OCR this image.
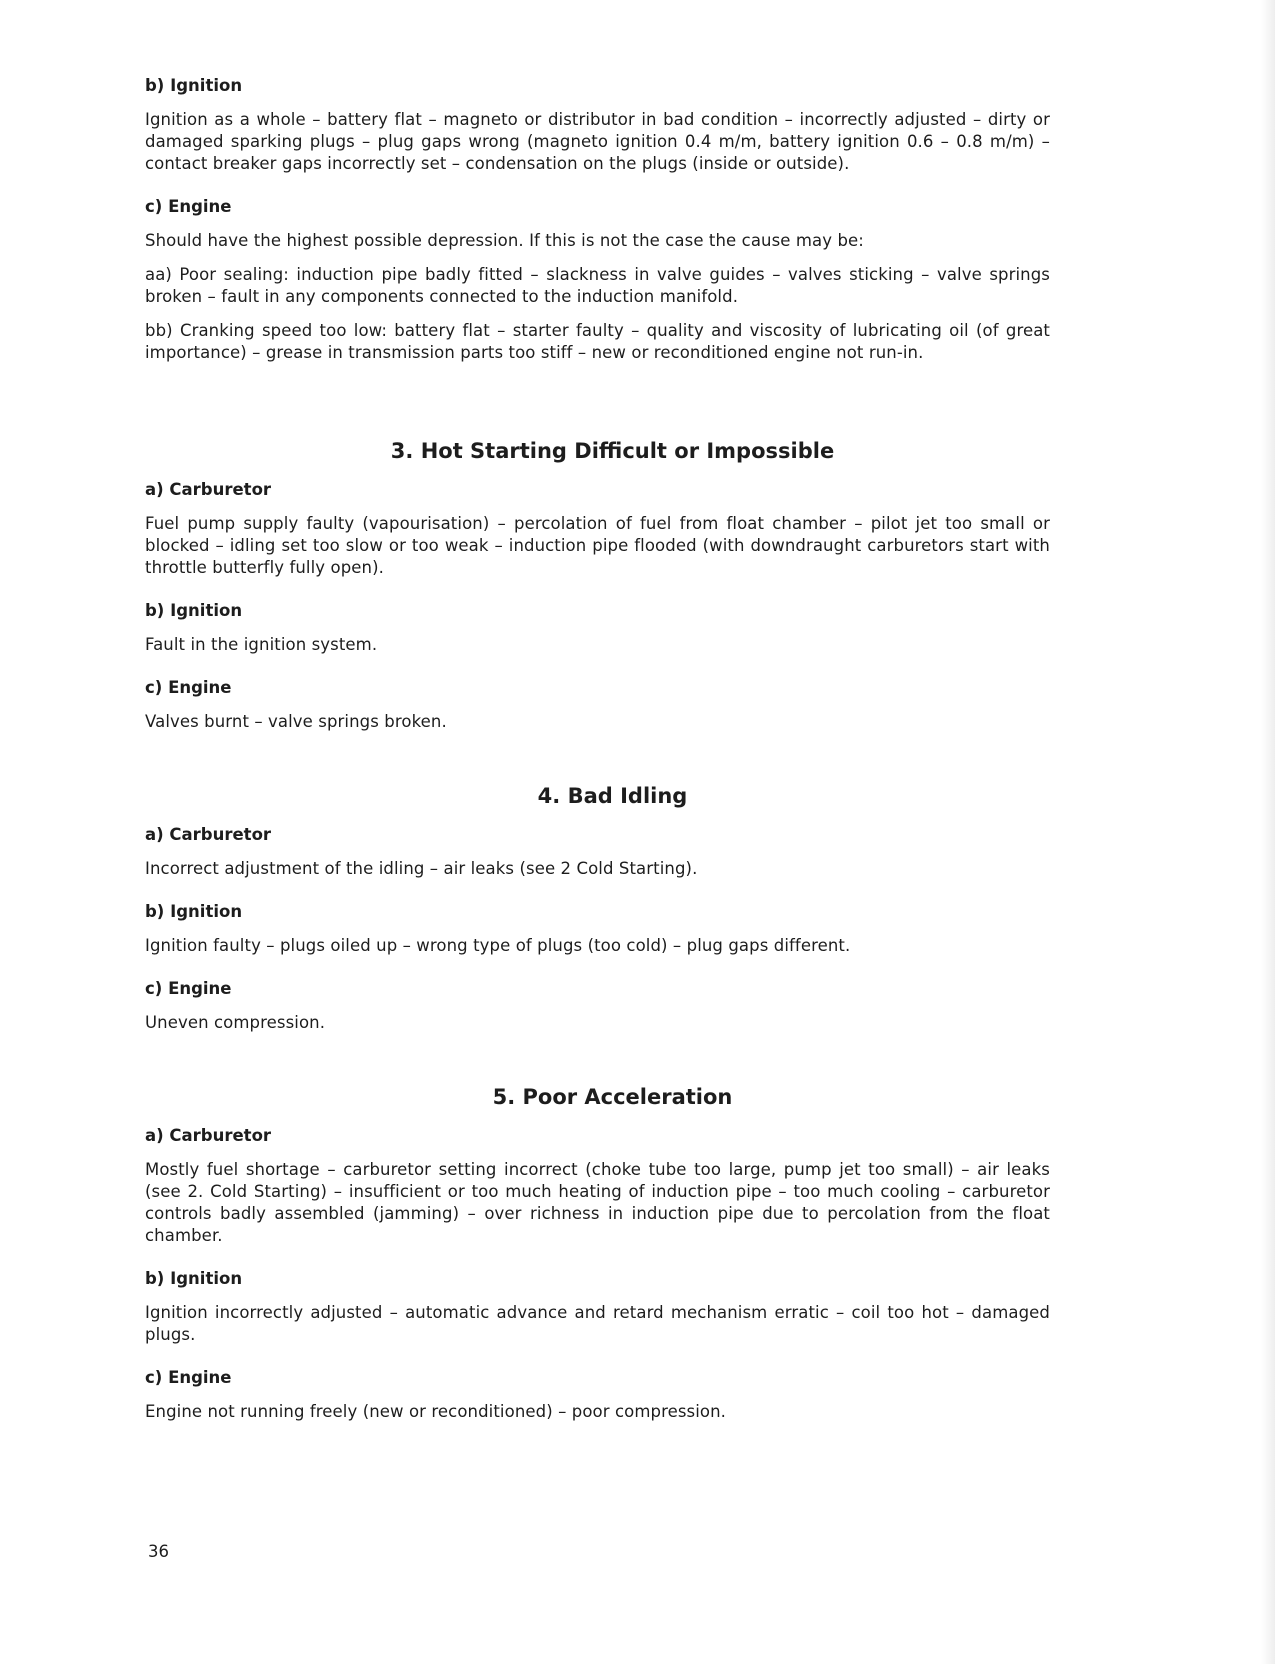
b) Ignition

Ignition as a whole – battery flat – magneto or distributor in bad condition – incorrectly adjusted – dirty or damaged sparking plugs – plug gaps wrong (magneto ignition 0.4 m/m, battery ignition 0.6 – 0.8 m/m) – contact breaker gaps incorrectly set – condensation on the plugs (inside or outside).

c) Engine

Should have the highest possible depression. If this is not the case the cause may be:

aa) Poor sealing: induction pipe badly fitted – slackness in valve guides – valves sticking – valve springs broken – fault in any components connected to the induction manifold.

bb) Cranking speed too low: battery flat – starter faulty – quality and viscosity of lubricating oil (of great importance) – grease in transmission parts too stiff – new or reconditioned engine not run-in.

3. Hot Starting Difficult or Impossible

a) Carburetor

Fuel pump supply faulty (vapourisation) – percolation of fuel from float chamber – pilot jet too small or blocked – idling set too slow or too weak – induction pipe flooded (with downdraught carburetors start with throttle butterfly fully open).

b) Ignition

Fault in the ignition system.

c) Engine

Valves burnt – valve springs broken.

4. Bad Idling

a) Carburetor

Incorrect adjustment of the idling – air leaks (see 2 Cold Starting).

b) Ignition

Ignition faulty – plugs oiled up – wrong type of plugs (too cold) – plug gaps different.

c) Engine

Uneven compression.

5. Poor Acceleration

a) Carburetor

Mostly fuel shortage – carburetor setting incorrect (choke tube too large, pump jet too small) – air leaks (see 2. Cold Starting) – insufficient or too much heating of induction pipe – too much cooling – carburetor controls badly assembled (jamming) – over richness in induction pipe due to percolation from the float chamber.

b) Ignition

Ignition incorrectly adjusted – automatic advance and retard mechanism erratic – coil too hot – damaged plugs.

c) Engine

Engine not running freely (new or reconditioned) – poor compression.

36
